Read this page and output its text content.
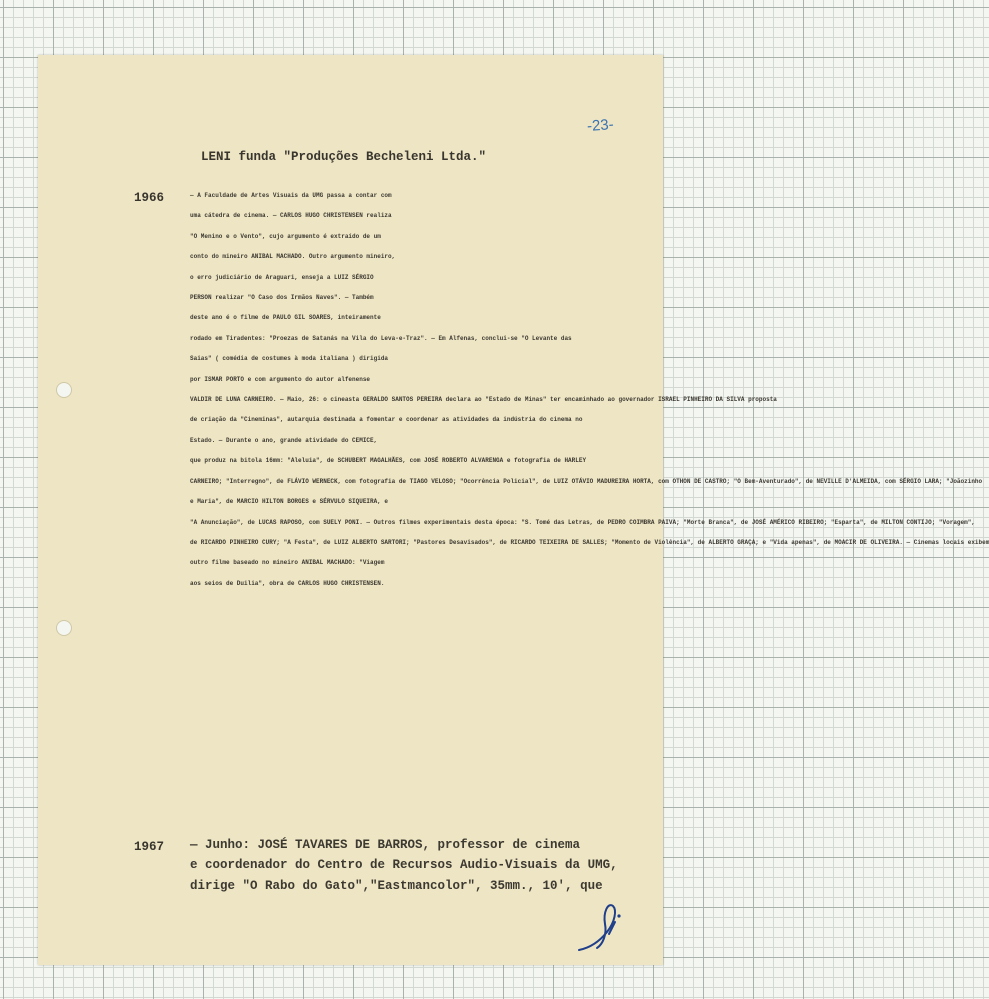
-23-
LENI funda "Produções Becheleni Ltda."
1966	— A Faculdade de Artes Visuais da UMG passa a contar com
uma cátedra de cinema. — CARLOS HUGO CHRISTENSEN realiza
"O Menino e o Vento", cujo argumento é extraído de um
conto do mineiro ANIBAL MACHADO. Outro argumento mineiro,
o erro judiciário de Araguari, enseja a LUIZ SÉRGIO
PERSON realizar "O Caso dos Irmãos Naves". — Também
deste ano é o filme de PAULO GIL SOARES, inteiramente
rodado em Tiradentes: "Proezas de Satanás na Vila do Leva-e-Traz". — Em Alfenas, conclui-se "O Levante das
Saias" ( comédia de costumes à moda italiana ) dirigida
por ISMAR PORTO e com argumento do autor alfenense
VALDIR DE LUNA CARNEIRO. — Maio, 26: o cineasta GERALDO SANTOS PEREIRA declara ao "Estado de Minas" ter encaminhado ao governador ISRAEL PINHEIRO DA SILVA proposta
de criação da "Cineminas", autarquia destinada a fomentar e coordenar as atividades da indústria do cinema no
Estado. — Durante o ano, grande atividade do CEMICE,
que produz na bitola 16mm: "Aleluia", de SCHUBERT MAGALHÃES, com JOSÉ ROBERTO ALVARENGA e fotografia de HARLEY
CARNEIRO; "Interregno", de FLÁVIO WERNECK, com fotografia de TIAGO VELOSO; "Ocorrência Policial", de LUIZ OTÁVIO MADUREIRA HORTA, com OTHON DE CASTRO; "O Bem-Aventurado", de NEVILLE D'ALMEIDA, com SÉRGIO LARA; "Joãozinho
e Maria", de MARCIO HILTON BORGES e SÉRVULO SIQUEIRA, e
"A Anunciação", de LUCAS RAPOSO, com SUELY PONI. — Outros filmes experimentais desta época: "S. Tomé das Letras, de PEDRO COIMBRA PAIVA; "Morte Branca", de JOSÉ AMÉRICO RIBEIRO; "Esparta", de MILTON CONTIJO; "Voragem",
de RICARDO PINHEIRO CURY; "A Festa", de LUIZ ALBERTO SARTORI; "Pastores Desavisados", de RICARDO TEIXEIRA DE SALLES; "Momento de Violência", de ALBERTO GRAÇA; e "Vida apenas", de MOACIR DE OLIVEIRA. — Cinemas locais exibem
outro filme baseado no mineiro ANIBAL MACHADO: "Viagem
aos seios de Duilia", obra de CARLOS HUGO CHRISTENSEN.
1967 — Junho: JOSÉ TAVARES DE BARROS, professor de cinema
e coordenador do Centro de Recursos Audio-Visuais da UMG,
dirige "O Rabo do Gato","Eastmancolor", 35mm., 10', que
